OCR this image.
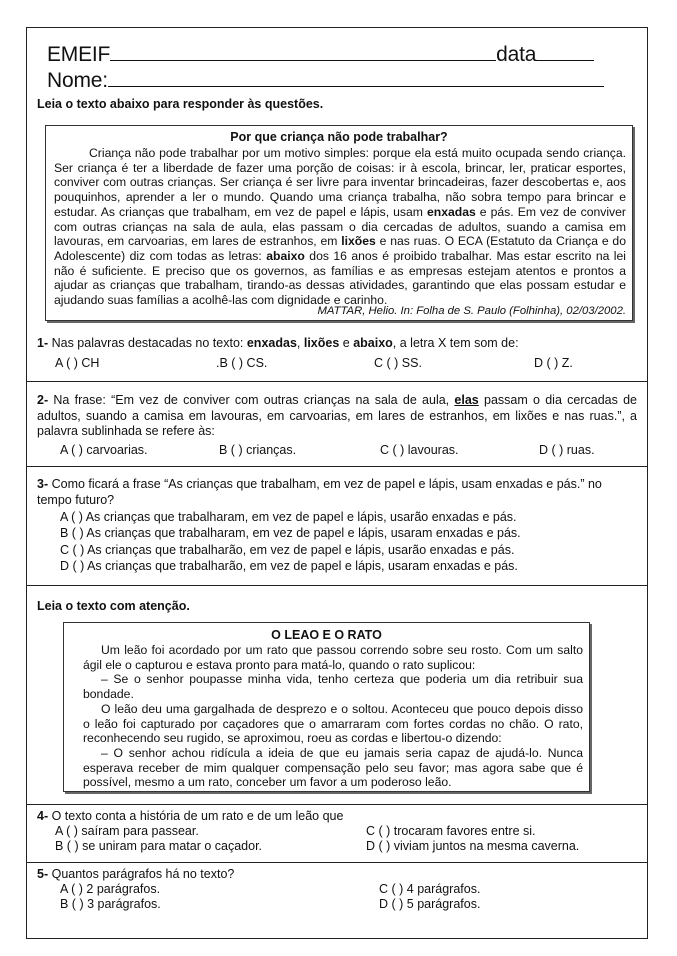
EMEIF	data
Nome:
Leia o texto abaixo para responder às questões.
Por que criança não pode trabalhar?
Criança não pode trabalhar por um motivo simples: porque ela está muito ocupada sendo criança. Ser criança é ter a liberdade de fazer uma porção de coisas: ir à escola, brincar, ler, praticar esportes, conviver com outras crianças. Ser criança é ser livre para inventar brincadeiras, fazer descobertas e, aos pouquinhos, aprender a ler o mundo. Quando uma criança trabalha, não sobra tempo para brincar e estudar. As crianças que trabalham, em vez de papel e lápis, usam enxadas e pás. Em vez de conviver com outras crianças na sala de aula, elas passam o dia cercadas de adultos, suando a camisa em lavouras, em carvoarias, em lares de estranhos, em lixões e nas ruas. O ECA (Estatuto da Criança e do Adolescente) diz com todas as letras: abaixo dos 16 anos é proibido trabalhar. Mas estar escrito na lei não é suficiente. E preciso que os governos, as famílias e as empresas estejam atentos e prontos a ajudar as crianças que trabalham, tirando-as dessas atividades, garantindo que elas possam estudar e ajudando suas famílias a acolhê-las com dignidade e carinho.
MATTAR, Helio. In: Folha de S. Paulo (Folhinha), 02/03/2002.
1- Nas palavras destacadas no texto: enxadas, lixões e abaixo, a letra X tem som de:
A ( ) CH	.B ( ) CS.	C ( ) SS.	D ( ) Z.
2- Na frase: “Em vez de conviver com outras crianças na sala de aula, elas passam o dia cercadas de adultos, suando a camisa em lavouras, em carvoarias, em lares de estranhos, em lixões e nas ruas.”, a palavra sublinhada se refere às:
A ( ) carvoarias.	B ( ) crianças.	C ( ) lavouras.	D ( ) ruas.
3- Como ficará a frase “As crianças que trabalham, em vez de papel e lápis, usam enxadas e pás.” no tempo futuro?
A ( ) As crianças que trabalharam, em vez de papel e lápis, usarão enxadas e pás.
B ( ) As crianças que trabalharam, em vez de papel e lápis, usaram enxadas e pás.
C ( ) As crianças que trabalharão, em vez de papel e lápis, usarão enxadas e pás.
D ( ) As crianças que trabalharão, em vez de papel e lápis, usaram enxadas e pás.
Leia o texto com atenção.
O LEAO E O RATO
Um leão foi acordado por um rato que passou correndo sobre seu rosto. Com um salto ágil ele o capturou e estava pronto para matá-lo, quando o rato suplicou:
– Se o senhor poupasse minha vida, tenho certeza que poderia um dia retribuir sua bondade.
O leão deu uma gargalhada de desprezo e o soltou. Aconteceu que pouco depois disso o leão foi capturado por caçadores que o amarraram com fortes cordas no chão. O rato, reconhecendo seu rugido, se aproximou, roeu as cordas e libertou-o dizendo:
– O senhor achou ridícula a ideia de que eu jamais seria capaz de ajudá-lo. Nunca esperava receber de mim qualquer compensação pelo seu favor; mas agora sabe que é possível, mesmo a um rato, conceber um favor a um poderoso leão.
4- O texto conta a história de um rato e de um leão que
A ( ) saíram para passear.	C ( ) trocaram favores entre si.
B ( ) se uniram para matar o caçador.	D ( ) viviam juntos na mesma caverna.
5- Quantos parágrafos há no texto?
A ( ) 2 parágrafos.	C ( ) 4 parágrafos.
B ( ) 3 parágrafos.	D ( ) 5 parágrafos.
